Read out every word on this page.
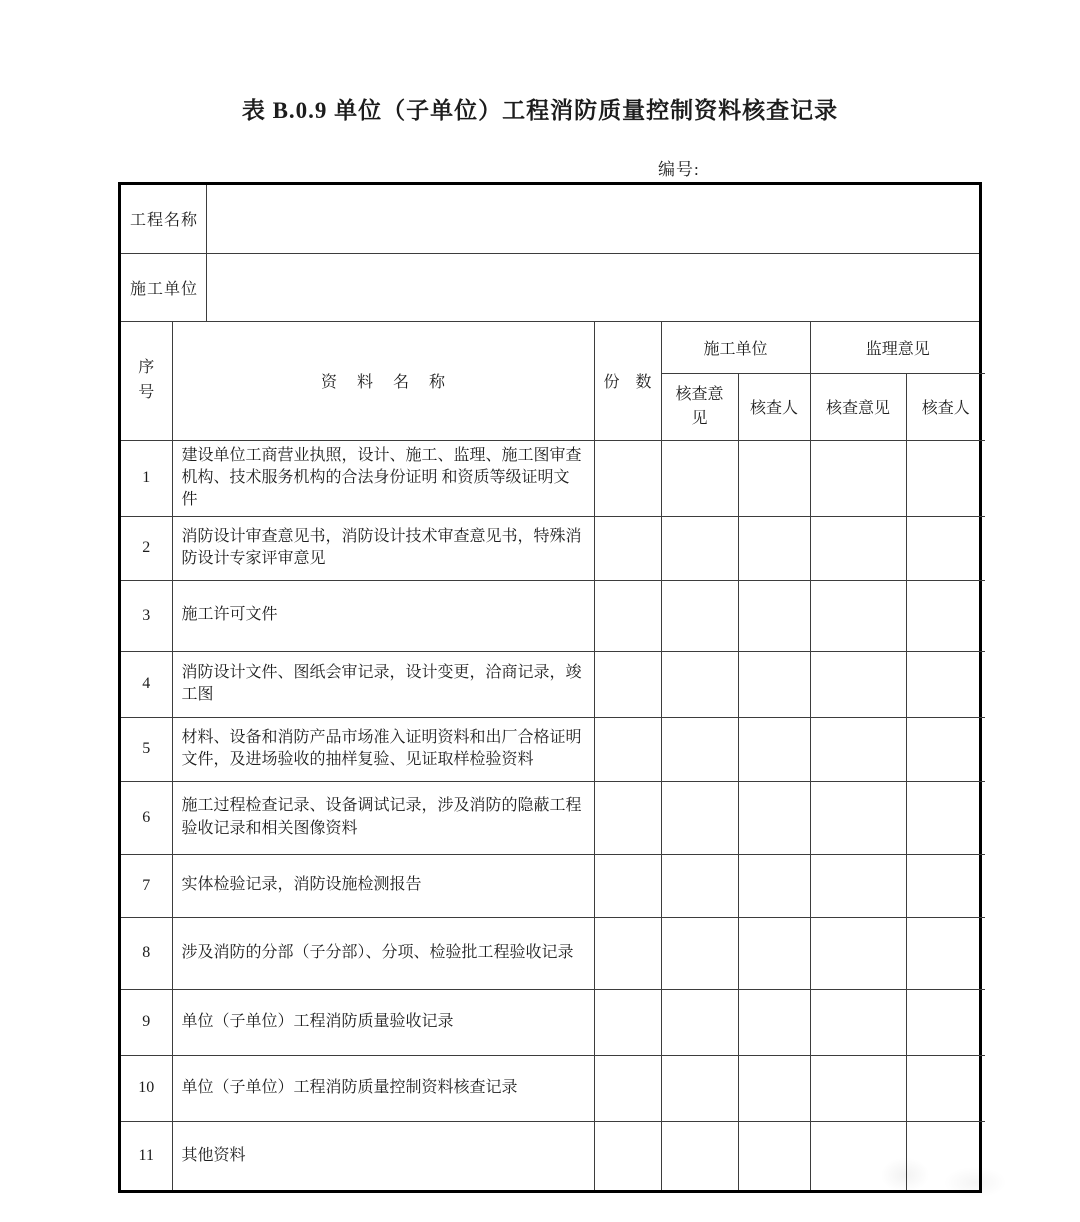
表 B.0.9 单位（子单位）工程消防质量控制资料核查记录
编号:
工程名称	
施工单位	
序号	资 料 名 称	份 数	施工单位		监理意见	
			核查意见	核查人	核查意见	核查人
1	建设单位工商营业执照，设计、施工、监理、施工图审查机构、技术服务机构的合法身份证明 和资质等级证明文件					
2	消防设计审查意见书，消防设计技术审查意见书，特殊消防设计专家评审意见					
3	施工许可文件					
4	消防设计文件、图纸会审记录，设计变更，洽商记录，竣工图					
5	材料、设备和消防产品市场准入证明资料和出厂合格证明文件，及进场验收的抽样复验、见证取样检验资料					
6	施工过程检查记录、设备调试记录，涉及消防的隐蔽工程验收记录和相关图像资料					
7	实体检验记录，消防设施检测报告					
8	涉及消防的分部（子分部）、分项、检验批工程验收记录					
9	单位（子单位）工程消防质量验收记录					
10	单位（子单位）工程消防质量控制资料核查记录					
11	其他资料					
